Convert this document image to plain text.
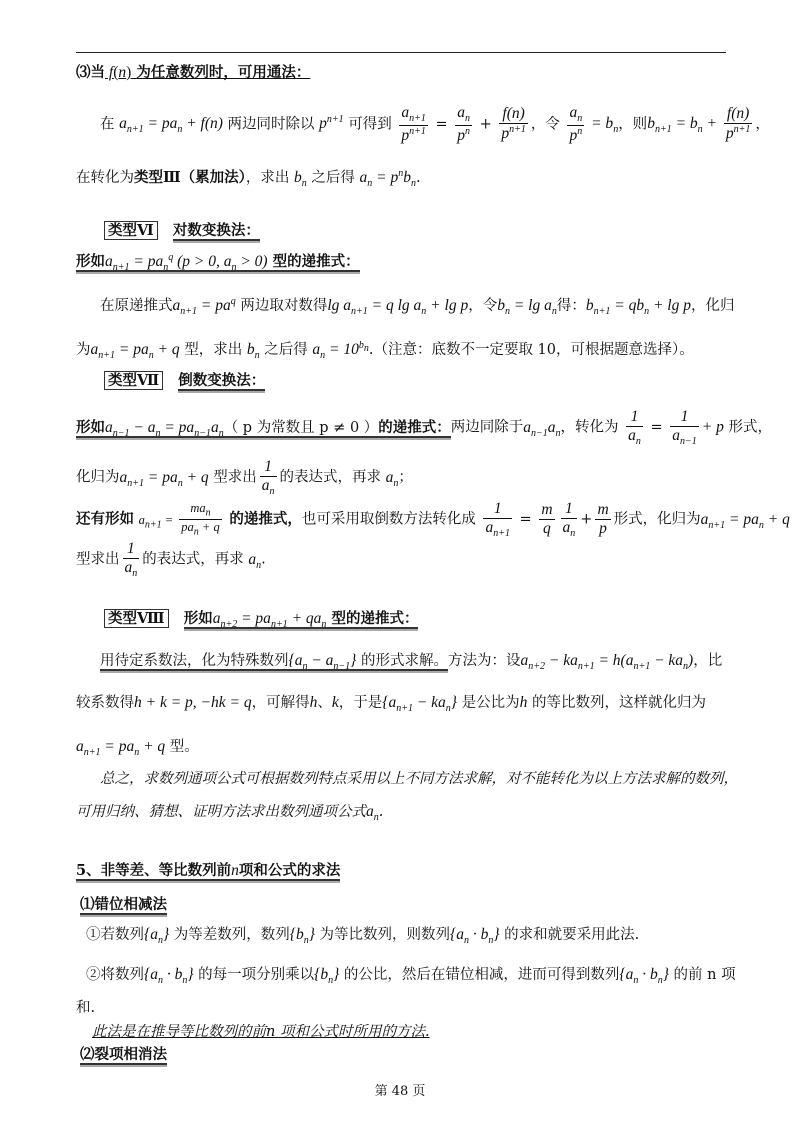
⑶当 f(n) 为任意数列时，可用通法：
在 $a_{n+1} = pa_n + f(n)$ 两边同时除以 $p^{n+1}$ 可得到 $\frac{a_{n+1}}{p^{n+1}} = \frac{a_n}{p^n} + \frac{f(n)}{p^{n+1}}$ ，令 $\frac{a_n}{p^n} = b_n$，则$b_{n+1} = b_n + \frac{f(n)}{p^{n+1}}$ ，
在转化为类型Ⅲ（累加法），求出 $b_n$ 之后得 $a_n = p^nb_n$.
类型Ⅵ 对数变换法：
形如$a_{n+1} = pa_n^q$ (p > 0, $a_n > 0$) 型的递推式：
在原递推式$a_{n+1} = pa^q$ 两边取对数得$\lg a_{n+1} = q$ $\lg a_n + \lg p$，令$b_n = \lg a_n$得：$b_{n+1} = qb_n + \lg p$，化归
为$a_{n+1} = pa_n + q$ 型，求出 $b_n$ 之后得 $a_n = 10^{b_n}$.（注意：底数不一定要取 10，可根据题意选择）。
类型Ⅶ 倒数变换法：
形如$a_{n-1} - a_n = pa_{n-1}a_n$（ p 为常数且 p ≠ 0 ）的递推式：两边同除于$a_{n-1}a_n$，转化为 $\frac{1}{a_n} = \frac{1}{a_{n-1}} + p$ 形式，
化归为$a_{n+1} = pa_n + q$ 型求出 $\frac{1}{a_n}$ 的表达式，再求 $a_n$；
还有形如 $a_{n+1} = \frac{ma_n}{pa_n + q}$ 的递推式，也可采用取倒数方法转化成 $\frac{1}{a_{n+1}} = \frac{m}{q} \frac{1}{a_n} + \frac{m}{p}$ 形式，化归为$a_{n+1} = pa_n + q$
型求出 $\frac{1}{a_n}$ 的表达式，再求 $a_n$.
类型Ⅷ 形如$a_{n+2} = pa_{n+1} + qa_n$ 型的递推式：
用待定系数法，化为特殊数列$\{a_n - a_{n-1}\}$ 的形式求解。方法为：设$a_{n+2} - ka_{n+1} = h(a_{n+1} - ka_n)$，比
较系数得h + k = p, −hk = q，可解得h、k，于是$\{a_{n+1} - ka_n\}$ 是公比为h 的等比数列，这样就化归为
$a_{n+1} = pa_n + q$ 型。
总之，求数列通项公式可根据数列特点采用以上不同方法求解，对不能转化为以上方法求解的数列，
可用归纳、猜想、证明方法求出数列通项公式$a_n$.
5、非等差、等比数列前n项和公式的求法
⑴错位相减法
①若数列$\{a_n\}$ 为等差数列，数列$\{b_n\}$ 为等比数列，则数列$\{a_n \cdot b_n\}$ 的求和就要采用此法.
②将数列$\{a_n \cdot b_n\}$ 的每一项分别乘以$\{b_n\}$ 的公比，然后在错位相减，进而可得到数列$\{a_n \cdot b_n\}$ 的前 n 项
和.
此法是在推导等比数列的前n 项和公式时所用的方法.
⑵裂项相消法
第 48 页
